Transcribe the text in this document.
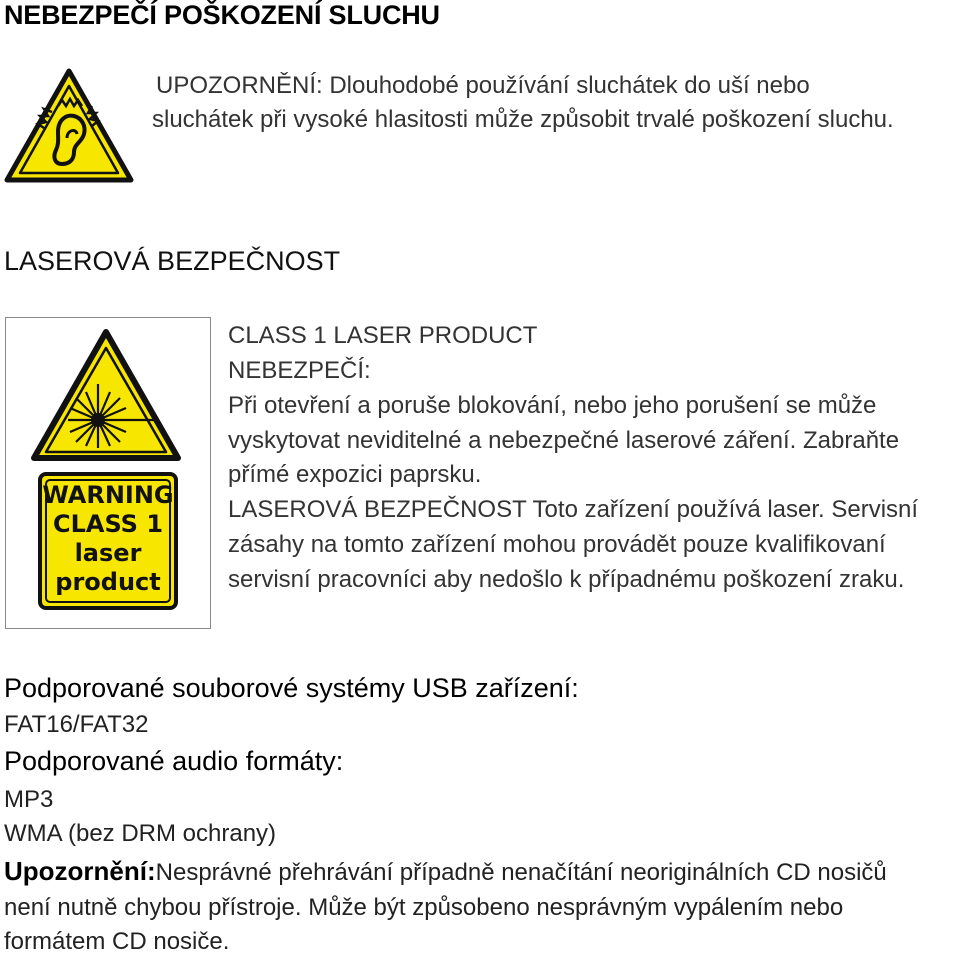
NEBEZPEČÍ POŠKOZENÍ SLUCHU
UPOZORNĚNÍ: Dlouhodobé používání sluchátek do uší nebo
sluchátek při vysoké hlasitosti může způsobit trvalé poškození sluchu.
LASEROVÁ BEZPEČNOST
WARNING
CLASS 1
laser
product
CLASS 1 LASER PRODUCT
NEBEZPEČÍ:
Při otevření a poruše blokování, nebo jeho porušení se může
vyskytovat neviditelné a nebezpečné laserové záření. Zabraňte
přímé expozici paprsku.
LASEROVÁ BEZPEČNOST Toto zařízení používá laser. Servisní
zásahy na tomto zařízení mohou provádět pouze kvalifikovaní
servisní pracovníci aby nedošlo k případnému poškození zraku.
Podporované souborové systémy USB zařízení:
FAT16/FAT32
Podporované audio formáty:
MP3
WMA (bez DRM ochrany)
Upozornění:Nesprávné přehrávání případně nenačítání neoriginálních CD nosičů
není nutně chybou přístroje. Může být způsobeno nesprávným vypálením nebo
formátem CD nosiče.
